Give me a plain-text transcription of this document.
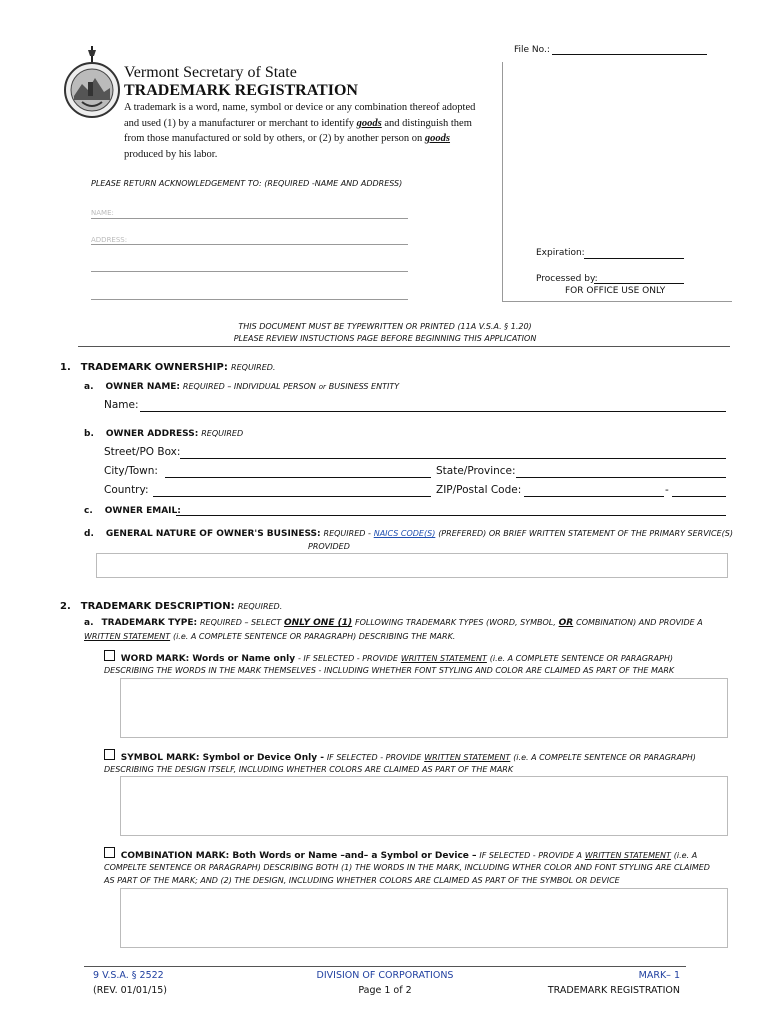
File No.:
Vermont Secretary of State
TRADEMARK REGISTRATION
A trademark is a word, name, symbol or device or any combination thereof adopted and used (1) by a manufacturer or merchant to identify goods and distinguish them from those manufactured or sold by others, or (2) by another person on goods produced by his labor.
Expiration:
Processed by:
FOR OFFICE USE ONLY
PLEASE RETURN ACKNOWLEDGEMENT TO: (REQUIRED -NAME AND ADDRESS)
NAME:
ADDRESS:
THIS DOCUMENT MUST BE TYPEWRITTEN OR PRINTED (11A V.S.A. § 1.20)
PLEASE REVIEW INSTUCTIONS PAGE BEFORE BEGINNING THIS APPLICATION
1. TRADEMARK OWNERSHIP: REQUIRED.
a. OWNER NAME: REQUIRED – INDIVIDUAL PERSON or BUSINESS ENTITY
Name:
b. OWNER ADDRESS: REQUIRED
Street/PO Box:
City/Town:	State/Province:
Country:	ZIP/Postal Code:	-
c. OWNER EMAIL:
d. GENERAL NATURE OF OWNER'S BUSINESS: REQUIRED - NAICS CODE(S) (PREFERED) OR BRIEF WRITTEN STATEMENT OF THE PRIMARY SERVICE(S)
PROVIDED
2. TRADEMARK DESCRIPTION: REQUIRED.
a. TRADEMARK TYPE: REQUIRED – SELECT ONLY ONE (1) FOLLOWING TRADEMARK TYPES (WORD, SYMBOL, OR COMBINATION) AND PROVIDE A
WRITTEN STATEMENT (i.e. A COMPLETE SENTENCE OR PARAGRAPH) DESCRIBING THE MARK.
WORD MARK: Words or Name only - IF SELECTED - PROVIDE WRITTEN STATEMENT (i.e. A COMPLETE SENTENCE OR PARAGRAPH)
DESCRIBING THE WORDS IN THE MARK THEMSELVES - INCLUDING WHETHER FONT STYLING AND COLOR ARE CLAIMED AS PART OF THE MARK
SYMBOL MARK: Symbol or Device Only - IF SELECTED - PROVIDE WRITTEN STATEMENT (i.e. A COMPELTE SENTENCE OR PARAGRAPH)
DESCRIBING THE DESIGN ITSELF, INCLUDING WHETHER COLORS ARE CLAIMED AS PART OF THE MARK
COMBINATION MARK: Both Words or Name –and– a Symbol or Device – IF SELECTED - PROVIDE A WRITTEN STATEMENT (i.e. A
COMPELTE SENTENCE OR PARAGRAPH) DESCRIBING BOTH (1) THE WORDS IN THE MARK, INCLUDING WTHER COLOR AND FONT STYLING ARE CLAIMED
AS PART OF THE MARK; AND (2) THE DESIGN, INCLUDING WHETHER COLORS ARE CLAIMED AS PART OF THE SYMBOL OR DEVICE
9 V.S.A. § 2522
(REV. 01/01/15)
DIVISION OF CORPORATIONS
Page 1 of 2
MARK– 1
TRADEMARK REGISTRATION
